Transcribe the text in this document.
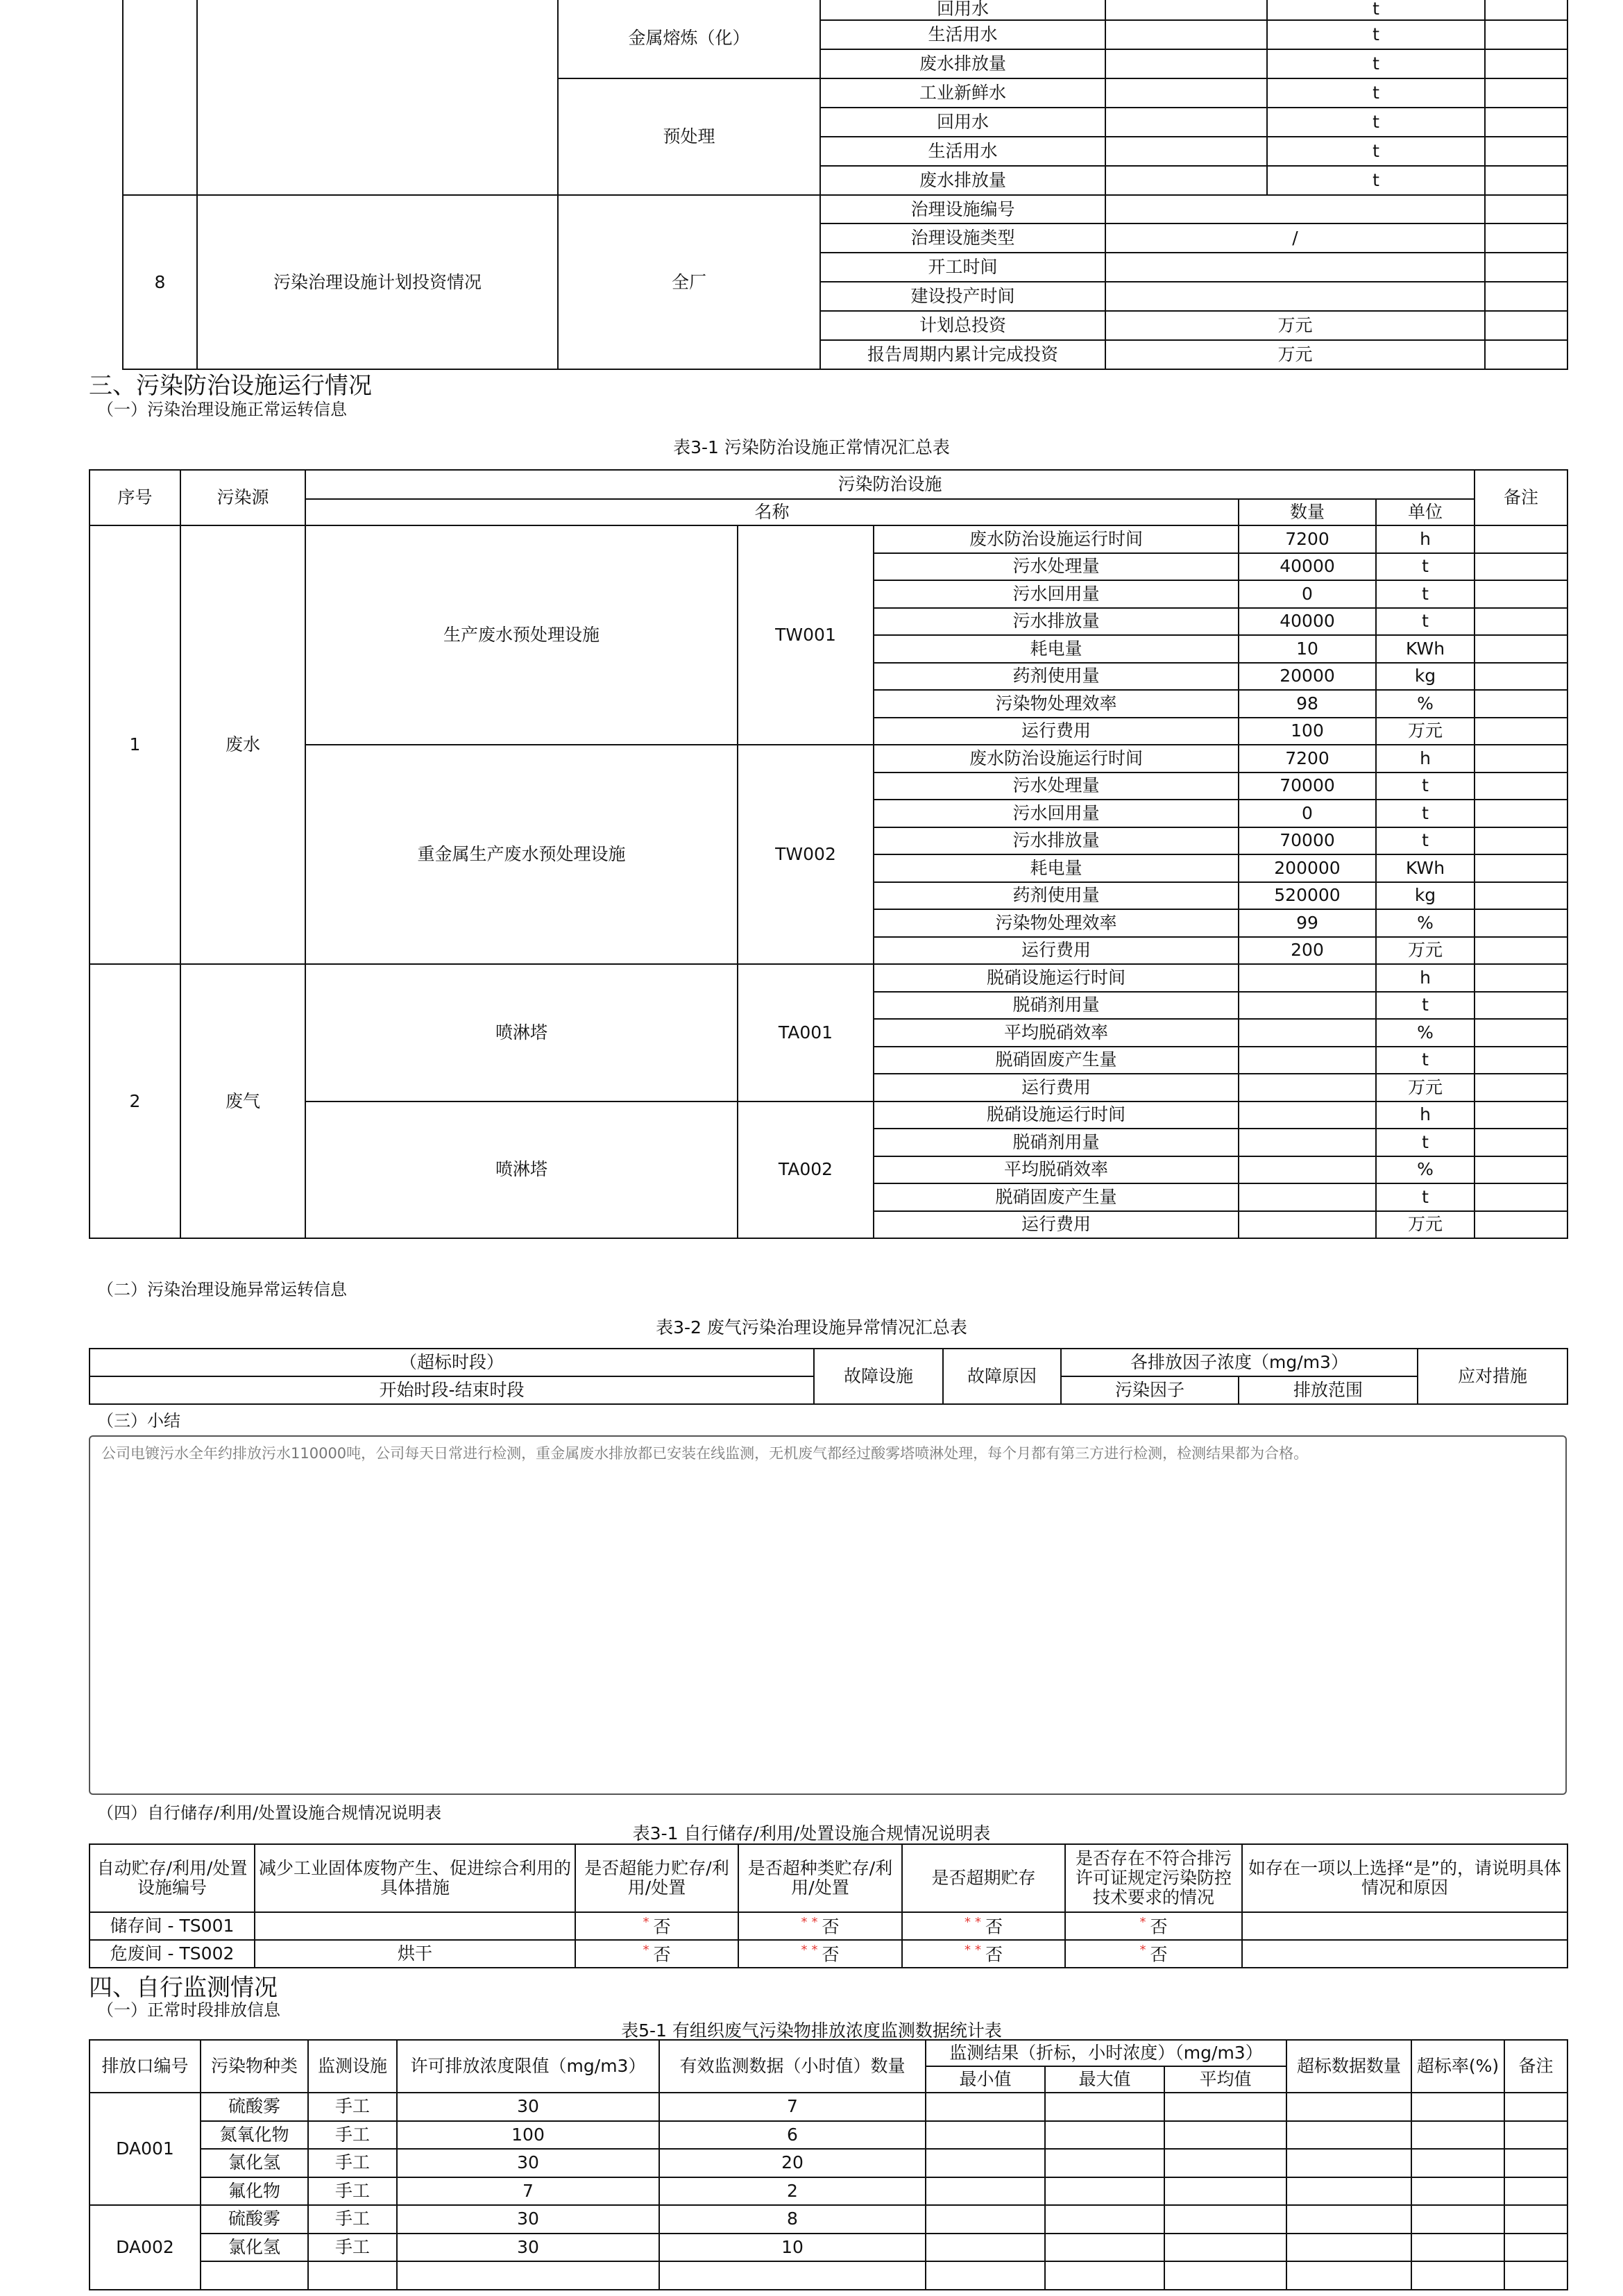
		金属熔炼（化）	回用水		t	
			生活用水		t	
			废水排放量		t	
		预处理	工业新鲜水		t	
			回用水		t	
			生活用水		t	
			废水排放量		t	
8	污染治理设施计划投资情况	全厂	治理设施编号			
			治理设施类型	/		
			开工时间			
			建设投产时间			
			计划总投资	万元		
			报告周期内累计完成投资	万元		
三、污染防治设施运行情况
（一）污染治理设施正常运转信息
表3-1 污染防治设施正常情况汇总表
序号	污染源	污染防治设施					备注
		名称			数量	单位	
1	废水	生产废水预处理设施	TW001	废水防治设施运行时间	7200	h	
				污水处理量	40000	t	
				污水回用量	0	t	
				污水排放量	40000	t	
				耗电量	10	KWh	
				药剂使用量	20000	kg	
				污染物处理效率	98	%	
				运行费用	100	万元	
		重金属生产废水预处理设施	TW002	废水防治设施运行时间	7200	h	
				污水处理量	70000	t	
				污水回用量	0	t	
				污水排放量	70000	t	
				耗电量	200000	KWh	
				药剂使用量	520000	kg	
				污染物处理效率	99	%	
				运行费用	200	万元	
2	废气	喷淋塔	TA001	脱硝设施运行时间		h	
				脱硝剂用量		t	
				平均脱硝效率		%	
				脱硝固废产生量		t	
				运行费用		万元	
		喷淋塔	TA002	脱硝设施运行时间		h	
				脱硝剂用量		t	
				平均脱硝效率		%	
				脱硝固废产生量		t	
				运行费用		万元	
（二）污染治理设施异常运转信息
表3-2 废气污染治理设施异常情况汇总表
（超标时段）	故障设施	故障原因	各排放因子浓度（mg/m3）		应对措施
开始时段-结束时段			污染因子	排放范围	
（三）小结
公司电镀污水全年约排放污水110000吨，公司每天日常进行检测，重金属废水排放都已安装在线监测，无机废气都经过酸雾塔喷淋处理，每个月都有第三方进行检测，检测结果都为合格。
（四）自行储存/利用/处置设施合规情况说明表
表3-1 自行储存/利用/处置设施合规情况说明表
自动贮存/利用/处置设施编号	减少工业固体废物产生、促进综合利用的具体措施	是否超能力贮存/利用/处置	是否超种类贮存/利用/处置	是否超期贮存	是否存在不符合排污许可证规定污染防控技术要求的情况	如存在一项以上选择“是”的，请说明具体情况和原因
储存间 - TS001		* 否	* * 否	* * 否	* 否	
危废间 - TS002	烘干	* 否	* * 否	* * 否	* 否	
四、自行监测情况
（一）正常时段排放信息
表5-1 有组织废气污染物排放浓度监测数据统计表
排放口编号	污染物种类	监测设施	许可排放浓度限值（mg/m3）	有效监测数据（小时值）数量	监测结果（折标，小时浓度）（mg/m3）			超标数据数量	超标率(%)	备注
					最小值	最大值	平均值			
DA001	硫酸雾	手工	30	7						
	氮氧化物	手工	100	6						
	氯化氢	手工	30	20						
	氟化物	手工	7	2						
DA002	硫酸雾	手工	30	8						
	氯化氢	手工	30	10						
